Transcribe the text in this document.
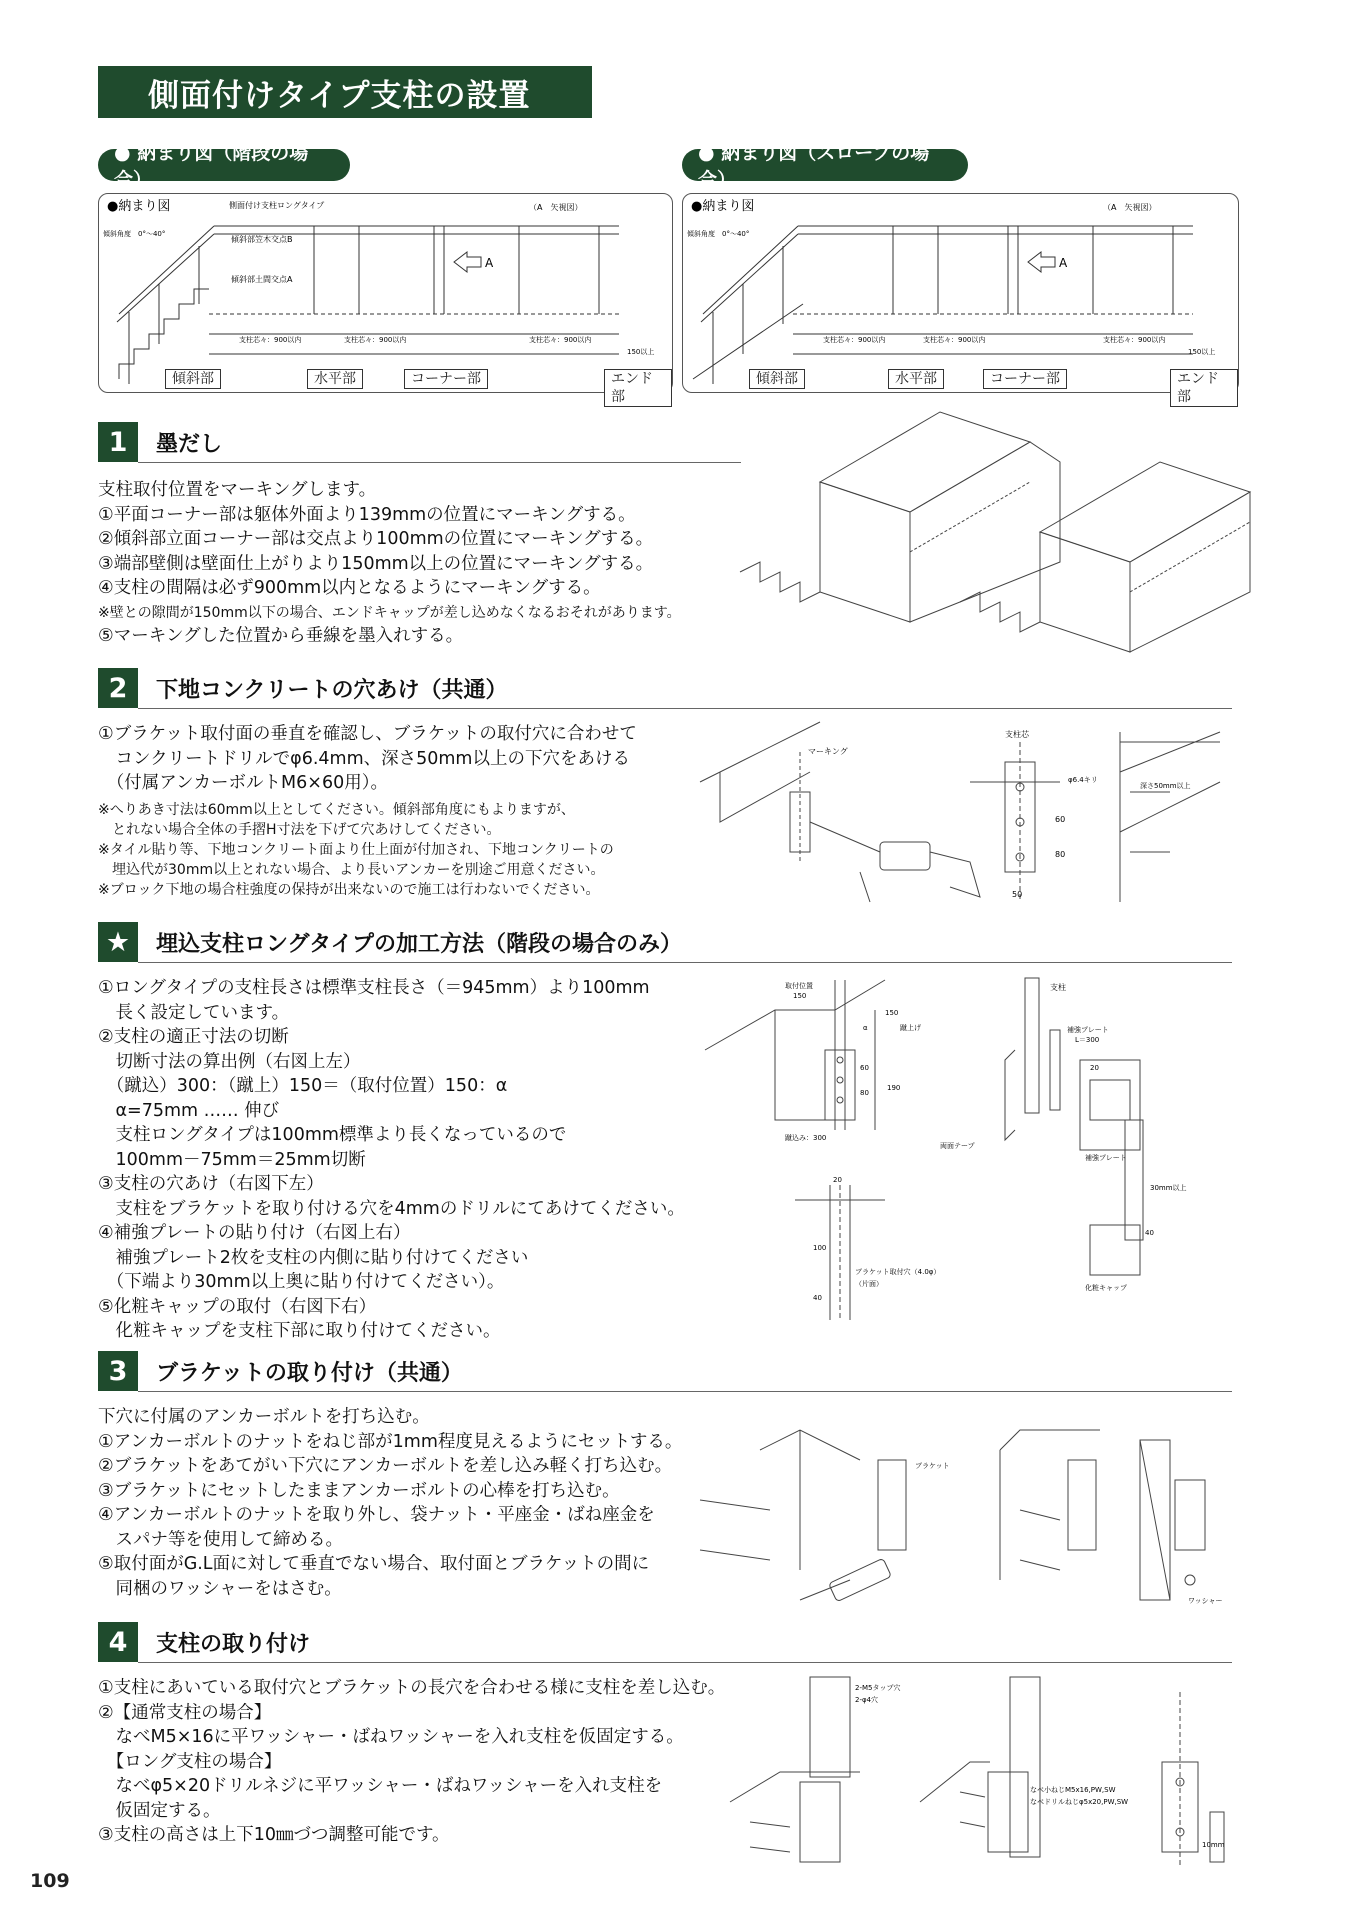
側面付けタイプ支柱の設置
● 納まり図（階段の場合）
● 納まり図（スロープの場合）
●納まり図	側面付け支柱ロングタイプ
傾斜部笠木交点B
傾斜部土間交点A
傾斜角度　0°～40°
A
（A　矢視図）
支柱芯々：900以内	支柱芯々：900以内	支柱芯々：900以内
150以上
傾斜部	水平部	コーナー部	エンド部
●納まり図
傾斜角度　0°～40°
A
（A　矢視図）
支柱芯々：900以内	支柱芯々：900以内	支柱芯々：900以内
150以上
傾斜部	水平部	コーナー部	エンド部
1	墨だし
支柱取付位置をマーキングします。
①平面コーナー部は躯体外面より139mmの位置にマーキングする。
②傾斜部立面コーナー部は交点より100mmの位置にマーキングする。
③端部壁側は壁面仕上がりより150mm以上の位置にマーキングする。
④支柱の間隔は必ず900mm以内となるようにマーキングする。
※壁との隙間が150mm以下の場合、エンドキャップが差し込めなくなるおそれがあります。
⑤マーキングした位置から垂線を墨入れする。
2	下地コンクリートの穴あけ（共通）
①ブラケット取付面の垂直を確認し、ブラケットの取付穴に合わせて
　コンクリートドリルでφ6.4mm、深さ50mm以上の下穴をあける
　（付属アンカーボルトM6×60用）。
※へりあき寸法は60mm以上としてください。傾斜部角度にもよりますが、
　とれない場合全体の手摺H寸法を下げて穴あけしてください。
※タイル貼り等、下地コンクリート面より仕上面が付加され、下地コンクリートの
　埋込代が30mm以上とれない場合、より長いアンカーを別途ご用意ください。
※ブロック下地の場合柱強度の保持が出来ないので施工は行わないでください。
マーキング
支柱芯
60
80
50
φ6.4キリ
深さ50mm以上
★	埋込支柱ロングタイプの加工方法（階段の場合のみ）
①ロングタイプの支柱長さは標準支柱長さ（＝945mm）より100mm
　長く設定しています。
②支柱の適正寸法の切断
　切断寸法の算出例（右図上左）
　（蹴込）300：（蹴上）150＝（取付位置）150：α
　α=75mm …… 伸び
　支柱ロングタイプは100mm標準より長くなっているので
　100mm－75mm＝25mm切断
③支柱の穴あけ（右図下左）
　支柱をブラケットを取り付ける穴を4mmのドリルにてあけてください。
④補強プレートの貼り付け（右図上右）
　補強プレート2枚を支柱の内側に貼り付けてください
　（下端より30mm以上奥に貼り付けてください）。
⑤化粧キャップの取付（右図下右）
　化粧キャップを支柱下部に取り付けてください。
取付位置
150
蹴上げ
150
α
60
80
190
蹴込み：300
支柱
補強プレート
L＝300
両面テープ
20
補強プレート
20
100
40
ブラケット取付穴（4.0φ）
（片面）	化粧キャップ
30mm以上
40
3	ブラケットの取り付け（共通）
下穴に付属のアンカーボルトを打ち込む。
①アンカーボルトのナットをねじ部が1mm程度見えるようにセットする。
②ブラケットをあてがい下穴にアンカーボルトを差し込み軽く打ち込む。
③ブラケットにセットしたままアンカーボルトの心棒を打ち込む。
④アンカーボルトのナットを取り外し、袋ナット・平座金・ばね座金を
　スパナ等を使用して締める。
⑤取付面がG.L面に対して垂直でない場合、取付面とブラケットの間に
　同梱のワッシャーをはさむ。
ブラケット
ワッシャー
4	支柱の取り付け
①支柱にあいている取付穴とブラケットの長穴を合わせる様に支柱を差し込む。
②【通常支柱の場合】
　なべM5×16に平ワッシャー・ばねワッシャーを入れ支柱を仮固定する。
　【ロング支柱の場合】
　なべφ5×20ドリルネジに平ワッシャー・ばねワッシャーを入れ支柱を
　仮固定する。
③支柱の高さは上下10㎜づつ調整可能です。
2-M5タップ穴
2-φ4穴
なべ小ねじM5x16,PW,SW
なべドリルねじφ5x20,PW,SW
10mm
109
